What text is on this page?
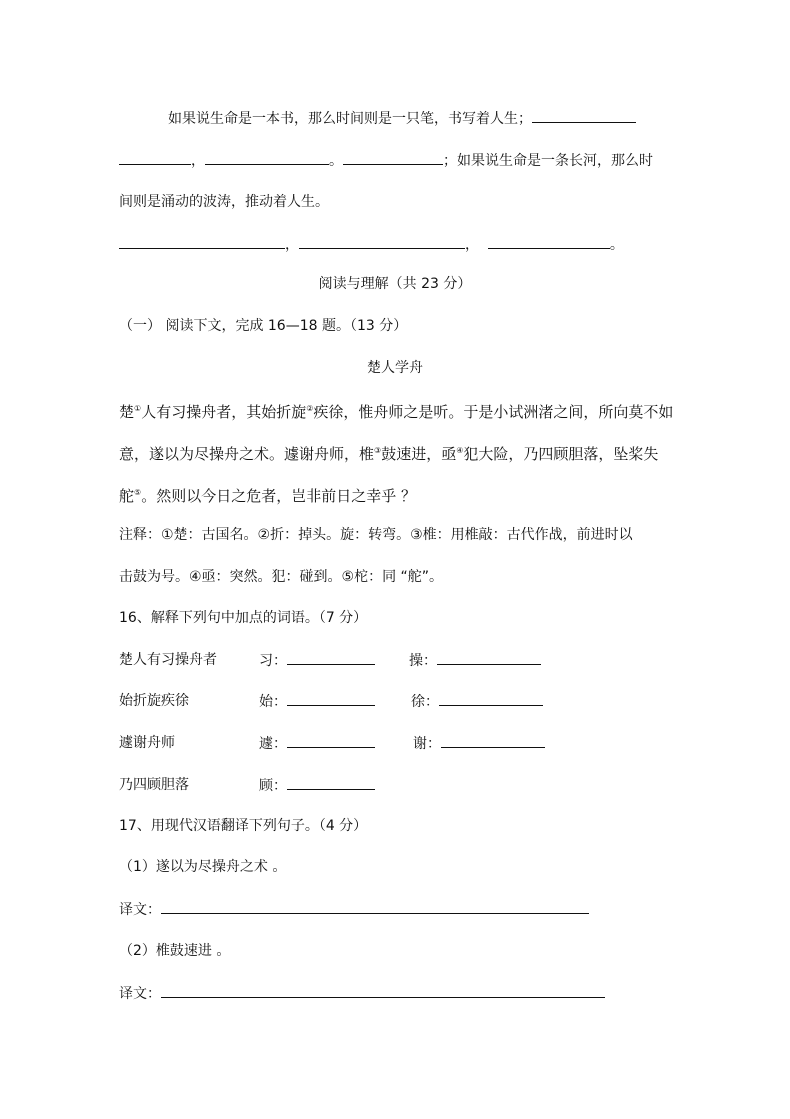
如果说生命是一本书，那么时间则是一只笔，书写着人生；
，	。	；如果说生命是一条长河，那么时
间则是涌动的波涛，推动着人生。
，	，	。
阅读与理解（共 23 分）
（一） 阅读下文，完成 16—18 题。（13 分）
楚人学舟
楚①人有习操舟者，其始折旋②疾徐，惟舟师之是听。于是小试洲渚之间，所向莫不如
意，遂以为尽操舟之术。遽谢舟师，椎③鼓速进，亟④犯大险，乃四顾胆落，坠桨失
舵⑤。然则以今日之危者，岂非前日之幸乎 ？
注释：①楚：古国名。②折：掉头。旋：转弯。③椎：用椎敲：古代作战，前进时以
击鼓为号。④亟：突然。犯：碰到。⑤柁：同 “舵”。
16、解释下列句中加点的词语。（7 分）
楚人有习操舟者	习：	操：
始折旋疾徐	始：	徐：
遽谢舟师	遽：	谢：
乃四顾胆落	顾：
17、用现代汉语翻译下列句子。（4 分）
（1）遂以为尽操舟之术 。
译文：
（2）椎鼓速进 。
译文：
